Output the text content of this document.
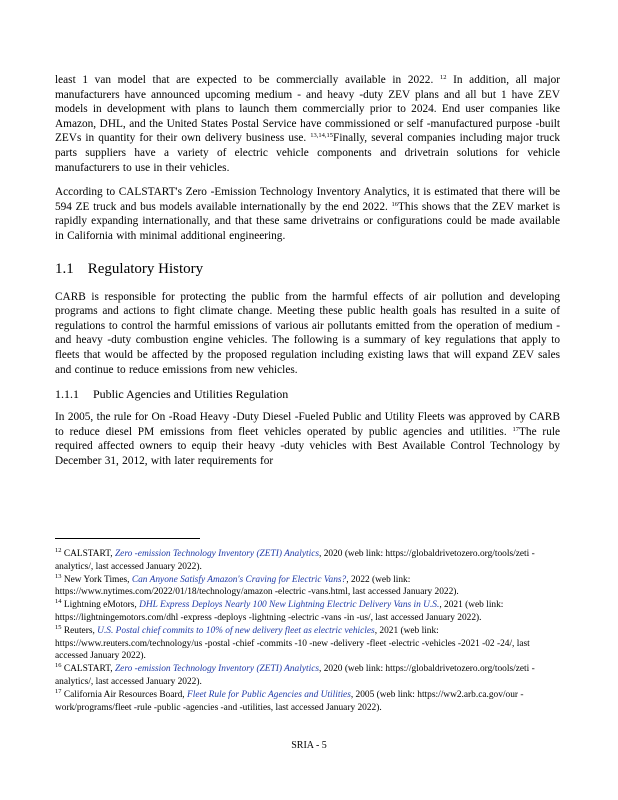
least 1 van model that are expected to be commercially available in 2022. $^{12}$ In addition, all major manufacturers have announced upcoming medium - and heavy -duty ZEV plans and all but 1 have ZEV models in development with plans to launch them commercially prior to 2024. End user companies like Amazon, DHL, and the United States Postal Service have commissioned or self -manufactured purpose -built ZEVs in quantity for their own delivery business use. $^{13,14,15}$Finally, several companies including major truck parts suppliers have a variety of electric vehicle components and drivetrain solutions for vehicle manufacturers to use in their vehicles.

According to CALSTART's Zero -Emission Technology Inventory Analytics, it is estimated that there will be 594 ZE truck and bus models available internationally by the end 2022. $^{16}$This shows that the ZEV market is rapidly expanding internationally, and that these same drivetrains or configurations could be made available in California with minimal additional engineering.

1.1 Regulatory History

CARB is responsible for protecting the public from the harmful effects of air pollution and developing programs and actions to fight climate change. Meeting these public health goals has resulted in a suite of regulations to control the harmful emissions of various air pollutants emitted from the operation of medium - and heavy -duty combustion engine vehicles. The following is a summary of key regulations that apply to fleets that would be affected by the proposed regulation including existing laws that will expand ZEV sales and continue to reduce emissions from new vehicles.

1.1.1 Public Agencies and Utilities Regulation

In 2005, the rule for On -Road Heavy -Duty Diesel -Fueled Public and Utility Fleets was approved by CARB to reduce diesel PM emissions from fleet vehicles operated by public agencies and utilities. $^{17}$The rule required affected owners to equip their heavy -duty vehicles with Best Available Control Technology by December 31, 2012, with later requirements for

$^{12}$ CALSTART, Zero -emission Technology Inventory (ZETI) Analytics, 2020 (web link: https://globaldrivetozero.org/tools/zeti -analytics/, last accessed January 2022).

$^{13}$ New York Times, Can Anyone Satisfy Amazon's Craving for Electric Vans?, 2022 (web link: https://www.nytimes.com/2022/01/18/technology/amazon -electric -vans.html, last accessed January 2022).

$^{14}$ Lightning eMotors, DHL Express Deploys Nearly 100 New Lightning Electric Delivery Vans in U.S., 2021 (web link: https://lightningemotors.com/dhl -express -deploys -lightning -electric -vans -in -us/, last accessed January 2022).

$^{15}$ Reuters, U.S. Postal chief commits to 10% of new delivery fleet as electric vehicles, 2021 (web link: https://www.reuters.com/technology/us -postal -chief -commits -10 -new -delivery -fleet -electric -vehicles -2021 -02 -24/, last accessed January 2022).

$^{16}$ CALSTART, Zero -emission Technology Inventory (ZETI) Analytics, 2020 (web link: https://globaldrivetozero.org/tools/zeti -analytics/, last accessed January 2022).

$^{17}$ California Air Resources Board, Fleet Rule for Public Agencies and Utilities, 2005 (web link: https://ww2.arb.ca.gov/our -work/programs/fleet -rule -public -agencies -and -utilities, last accessed January 2022).

SRIA - 5
